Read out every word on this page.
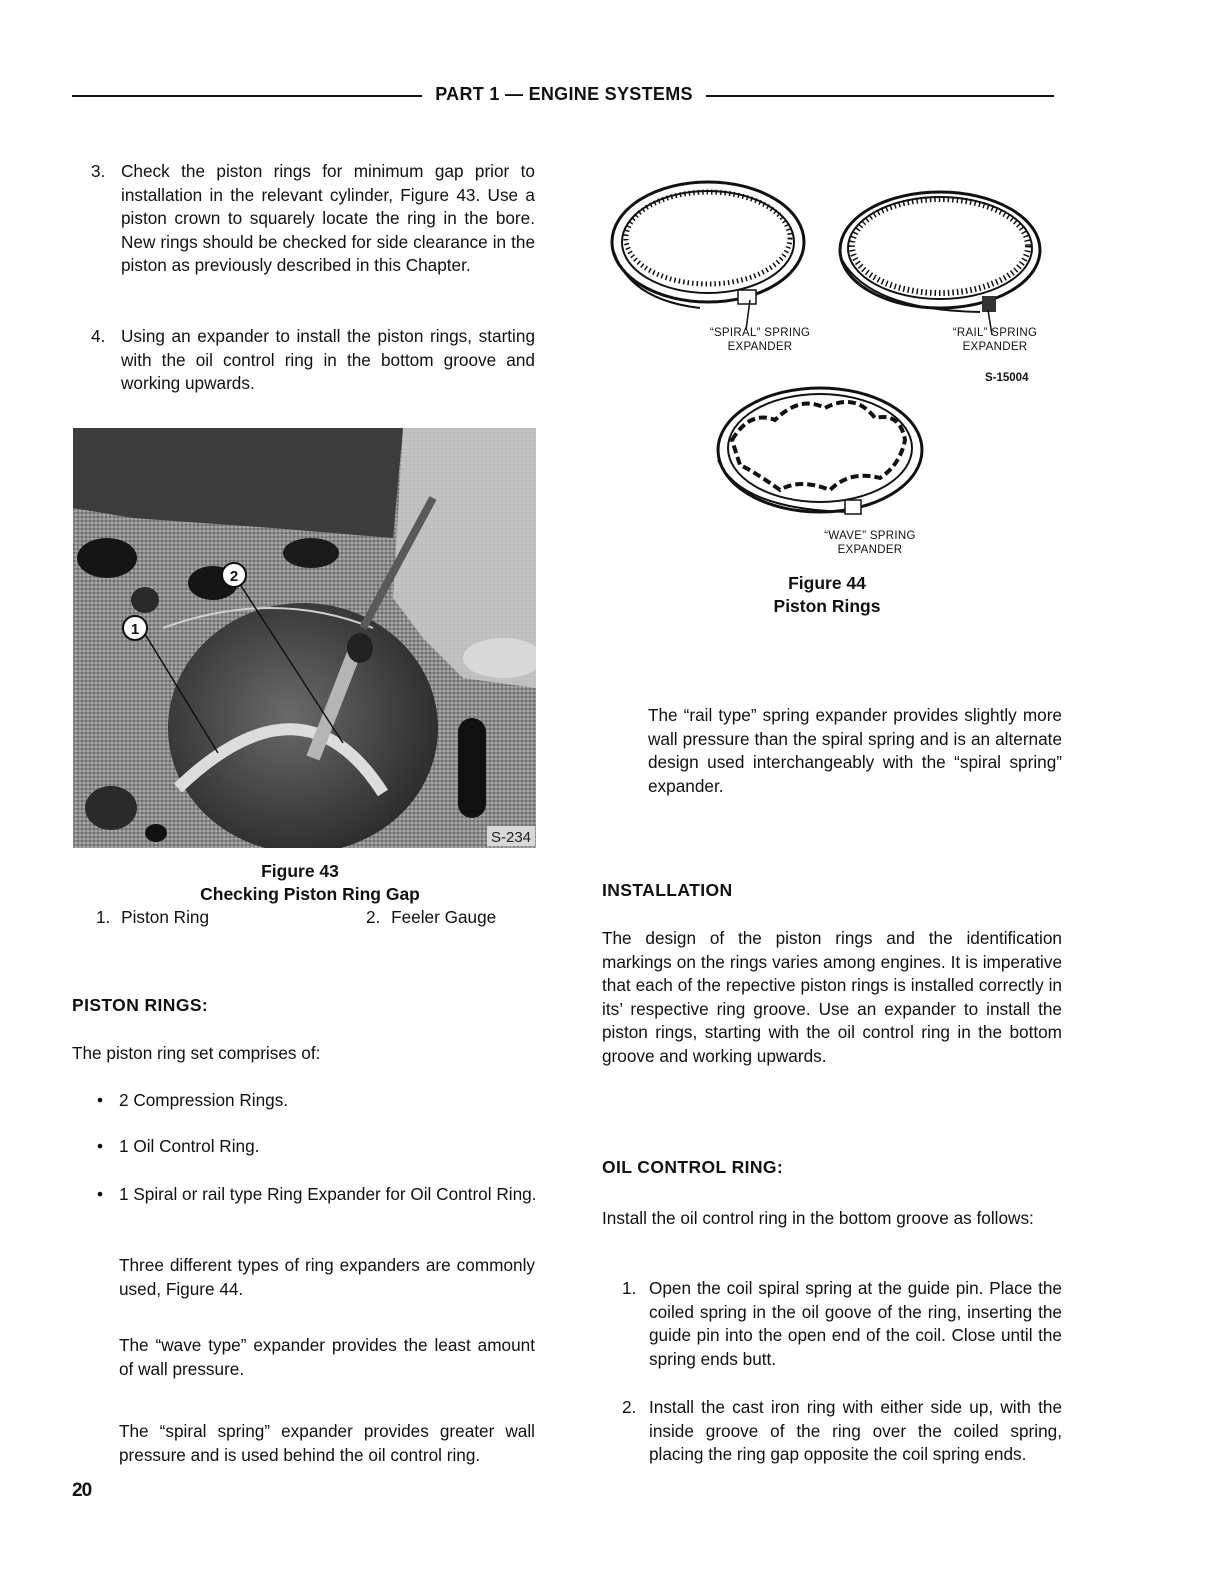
PART 1 — ENGINE SYSTEMS
3. Check the piston rings for minimum gap prior to installation in the relevant cylinder, Figure 43. Use a piston crown to squarely locate the ring in the bore. New rings should be checked for side clearance in the piston as previously described in this Chapter.
4. Using an expander to install the piston rings, starting with the oil control ring in the bottom groove and working upwards.
1
2
S-234
Figure 43
Checking Piston Ring Gap
1. Piston Ring	2. Feeler Gauge
PISTON RINGS:
The piston ring set comprises of:
• 2 Compression Rings.
• 1 Oil Control Ring.
• 1 Spiral or rail type Ring Expander for Oil Control Ring.
Three different types of ring expanders are commonly used, Figure 44.
The “wave type” expander provides the least amount of wall pressure.
The “spiral spring” expander provides greater wall pressure and is used behind the oil control ring.
“SPIRAL” SPRING
EXPANDER
“RAIL” SPRING
EXPANDER
S-15004
“WAVE” SPRING
EXPANDER
Figure 44
Piston Rings
The “rail type” spring expander provides slightly more wall pressure than the spiral spring and is an alternate design used interchangeably with the “spiral spring” expander.
INSTALLATION
The design of the piston rings and the identification markings on the rings varies among engines. It is imperative that each of the repective piston rings is installed correctly in its’ respective ring groove. Use an expander to install the piston rings, starting with the oil control ring in the bottom groove and working upwards.
OIL CONTROL RING:
Install the oil control ring in the bottom groove as follows:
1. Open the coil spiral spring at the guide pin. Place the coiled spring in the oil goove of the ring, inserting the guide pin into the open end of the coil. Close until the spring ends butt.
2. Install the cast iron ring with either side up, with the inside groove of the ring over the coiled spring, placing the ring gap opposite the coil spring ends.
20
